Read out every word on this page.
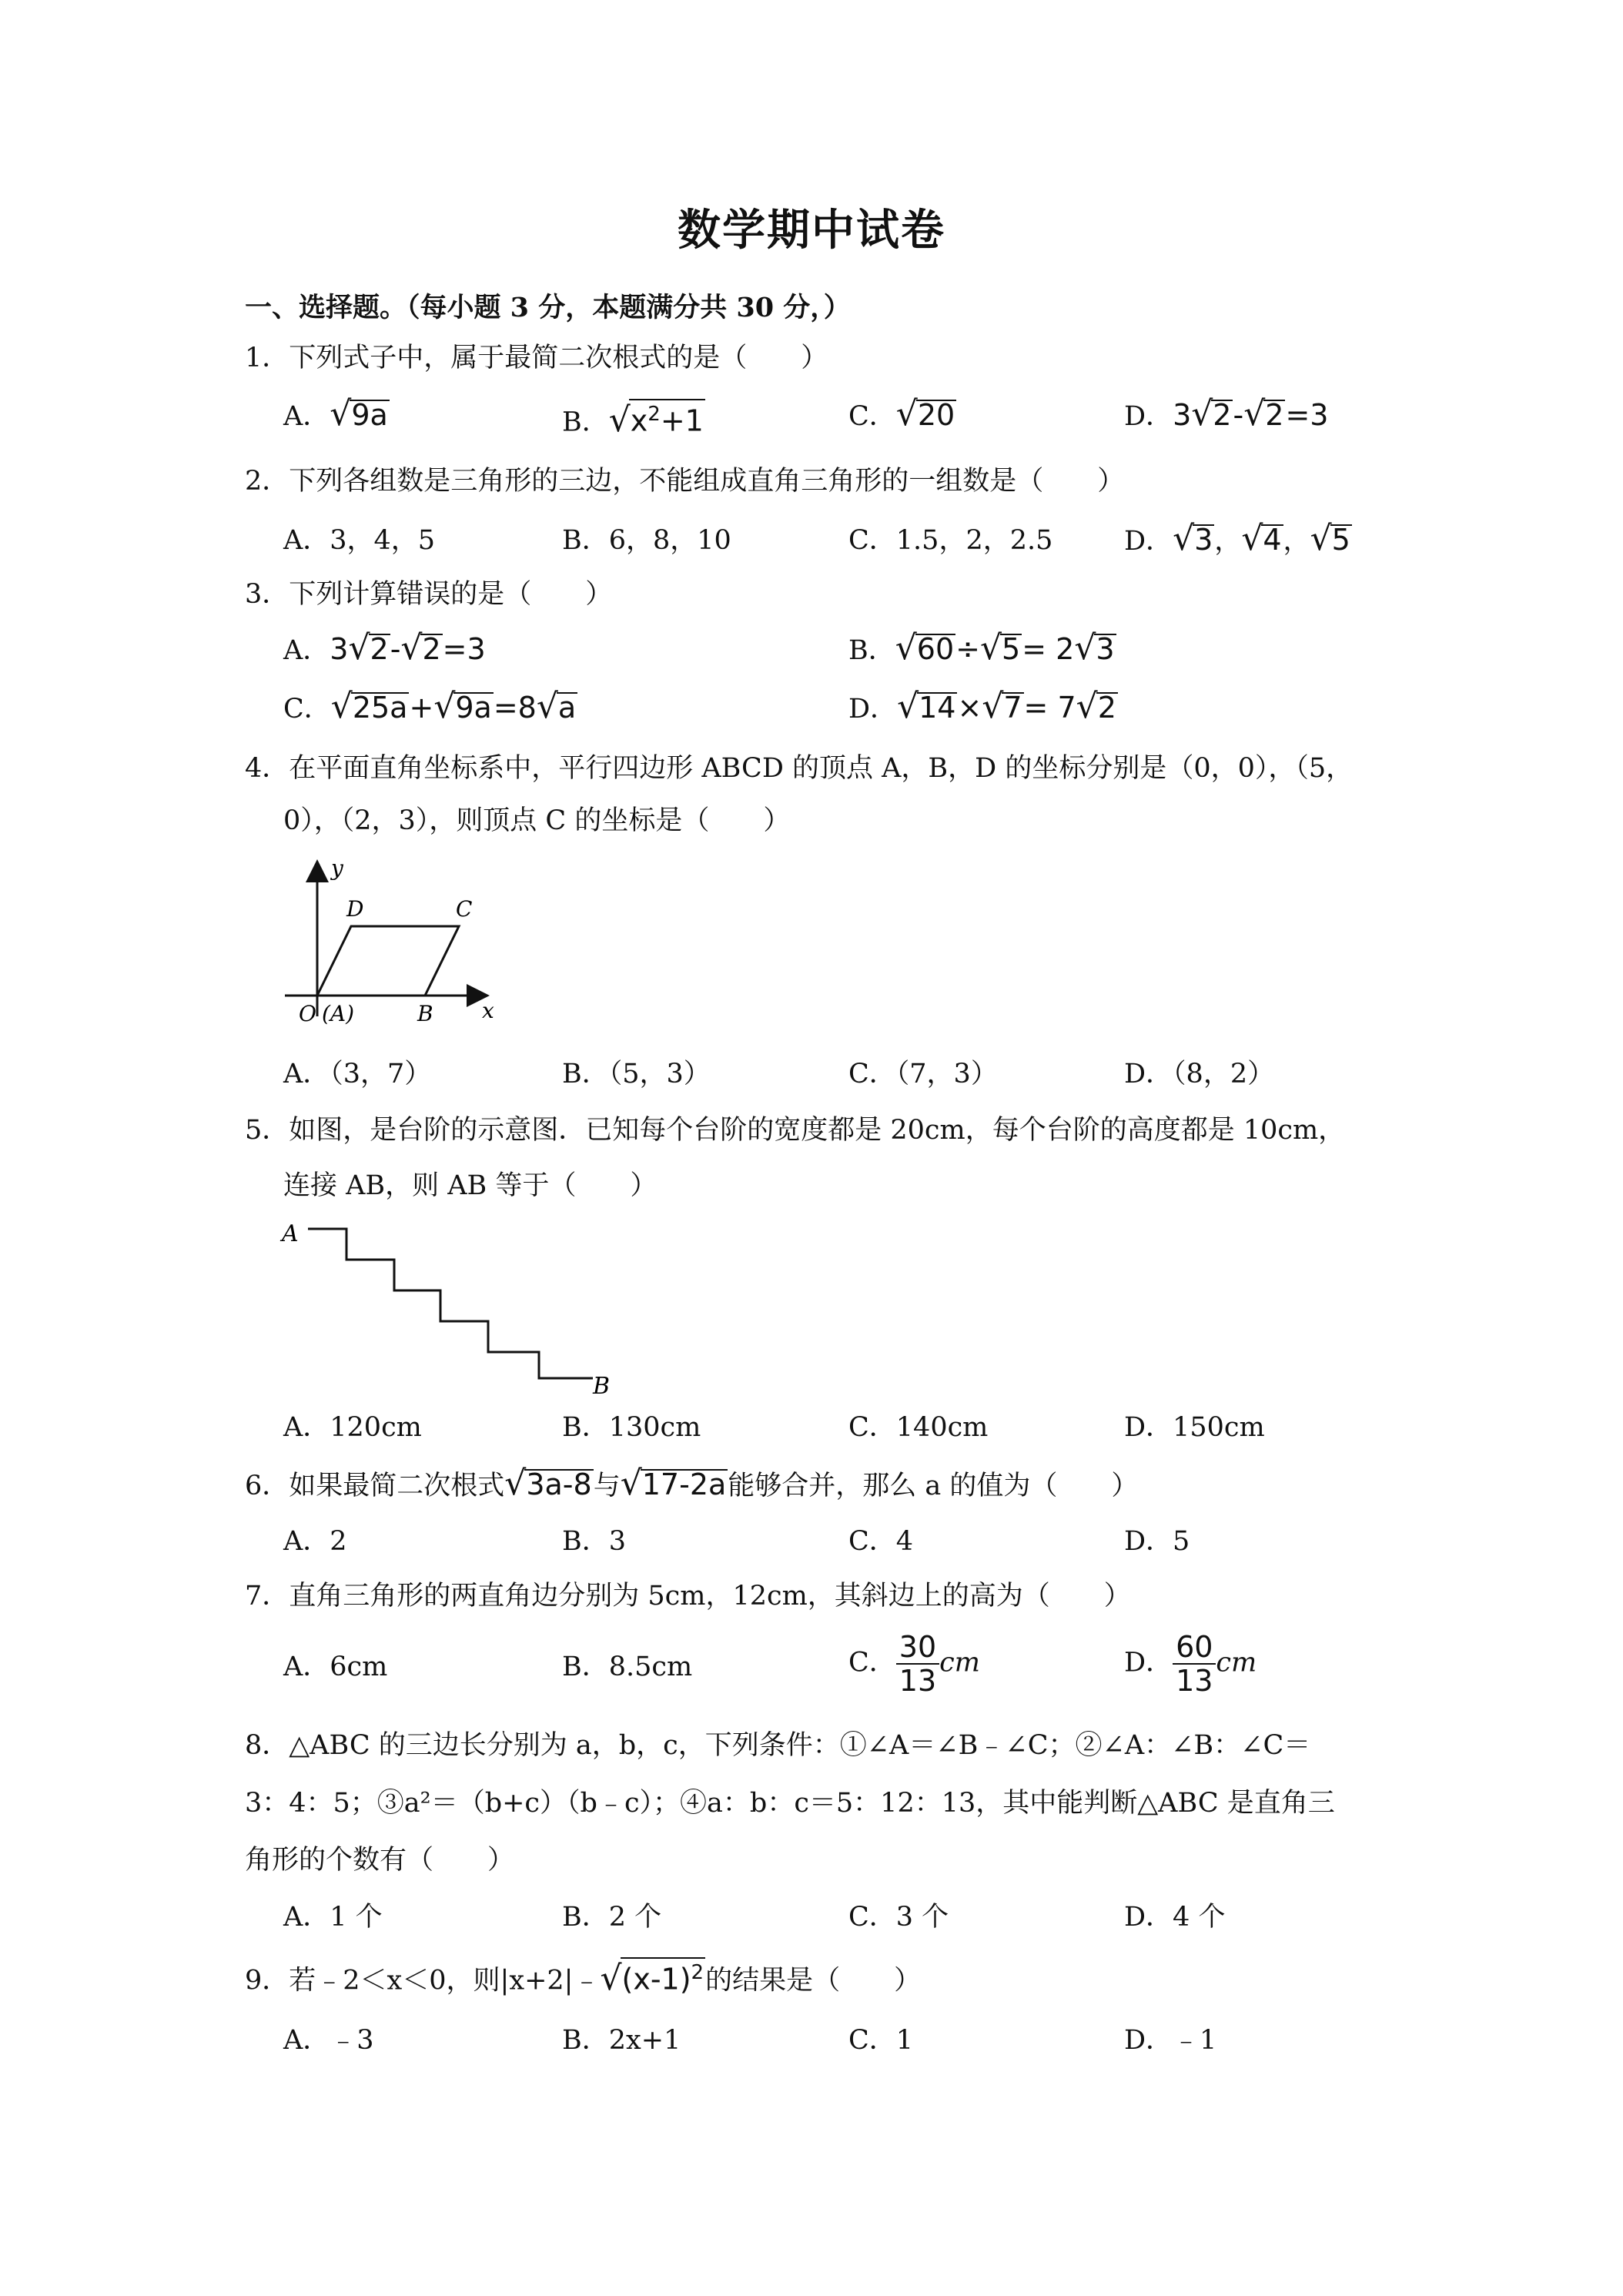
数学期中试卷
一、选择题。（每小题 3 分，本题满分共 30 分，）
1．下列式子中，属于最简二次根式的是（　　）
A．√9a	B．$√x^2+1$	C．√20	D．3√2-√2=3
2．下列各组数是三角形的三边，不能组成直角三角形的一组数是（　　）
A．3，4，5	B．6，8，10	C．1.5，2，2.5	D．√3，√4，√5
3．下列计算错误的是（　　）
A．3√2-√2=3	B．√60÷√5= 2√3
C．√25a+√9a=8√a	D．√14×√7= 7√2
4．在平面直角坐标系中，平行四边形 ABCD 的顶点 A，B，D 的坐标分别是（0，0），（5，
0），（2，3），则顶点 C 的坐标是（　　）
y
x
D	C
O (A)	B
A．（3，7）	B．（5，3）	C．（7，3）	D．（8，2）
5．如图，是台阶的示意图．已知每个台阶的宽度都是 20cm，每个台阶的高度都是 10cm，
连接 AB，则 AB 等于（　　）
A
B
A．120cm	B．130cm	C．140cm	D．150cm
6．如果最简二次根式√3a-8与√17-2a能够合并，那么 a 的值为（　　）
A．2	B．3	C．4	D．5
7．直角三角形的两直角边分别为 5cm，12cm，其斜边上的高为（　　）
A．6cm	B．8.5cm	C． $\frac{30}{13}$ cm	D． $\frac{60}{13}$ cm
8．△ABC 的三边长分别为 a，b，c，下列条件：①∠A＝∠B﹣∠C；②∠A：∠B：∠C＝
3：4：5；③a²＝（b+c）（b﹣c）；④a：b：c＝5：12：13，其中能判断△ABC 是直角三
角形的个数有（　　）
A．1 个	B．2 个	C．3 个	D．4 个
9．若﹣2＜x＜0，则$|x+2|﹣√(x-1)^2$的结果是（　　）
A．﹣3	B．2x+1	C．1	D．﹣1
